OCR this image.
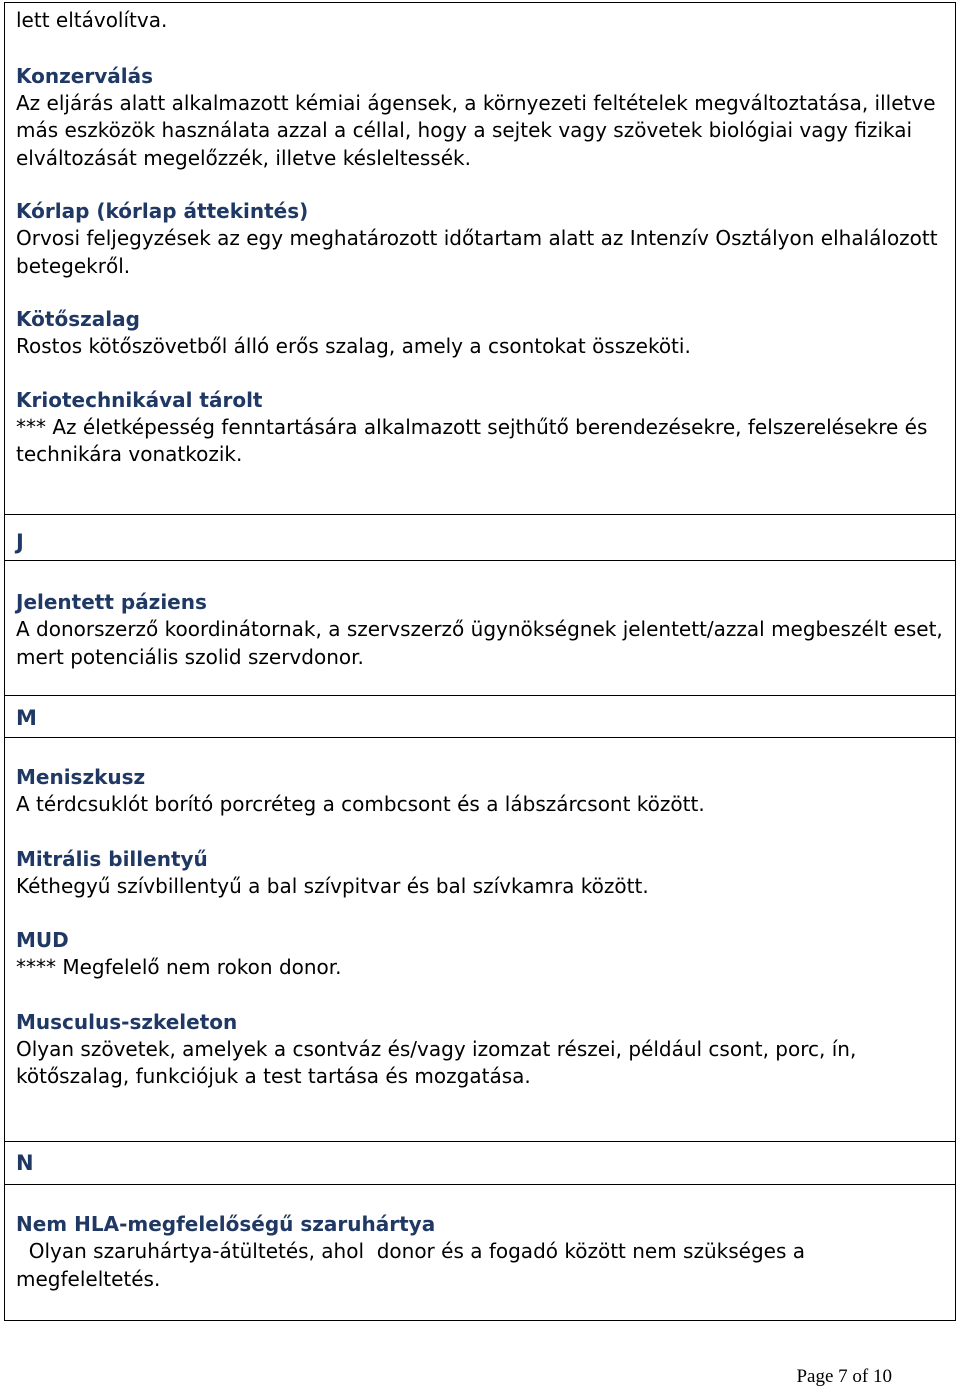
lett eltávolítva.
Konzerválás
Az eljárás alatt alkalmazott kémiai ágensek, a környezeti feltételek megváltoztatása, illetve más eszközök használata azzal a céllal, hogy a sejtek vagy szövetek biológiai vagy fizikai elváltozását megelőzzék, illetve késleltessék.
Kórlap (kórlap áttekintés)
Orvosi feljegyzések az egy meghatározott időtartam alatt az Intenzív Osztályon elhalálozott betegekről.
Kötőszalag
Rostos kötőszövetből álló erős szalag, amely a csontokat összeköti.
Kriotechnikával tárolt
*** Az életképesség fenntartására alkalmazott sejthűtő berendezésekre, felszerelésekre és technikára vonatkozik.
J
Jelentett páziens
A donorszerző koordinátornak, a szervszerző ügynökségnek jelentett/azzal megbeszélt eset, mert potenciális szolid szervdonor.
M
Meniszkusz
A térdcsuklót borító porcréteg a combcsont és a lábszárcsont között.
Mitrális billentyű
Kéthegyű szívbillentyű a bal szívpitvar és bal szívkamra között.
MUD
**** Megfelelő nem rokon donor.
Musculus-szkeleton
Olyan szövetek, amelyek a csontváz és/vagy izomzat részei, például csont, porc, ín, kötőszalag, funkciójuk a test tartása és mozgatása.
N
Nem HLA-megfelelőségű szaruhártya
Olyan szaruhártya-átültetés, ahol  donor és a fogadó között nem szükséges a megfeleltetés.
Page 7 of 10
